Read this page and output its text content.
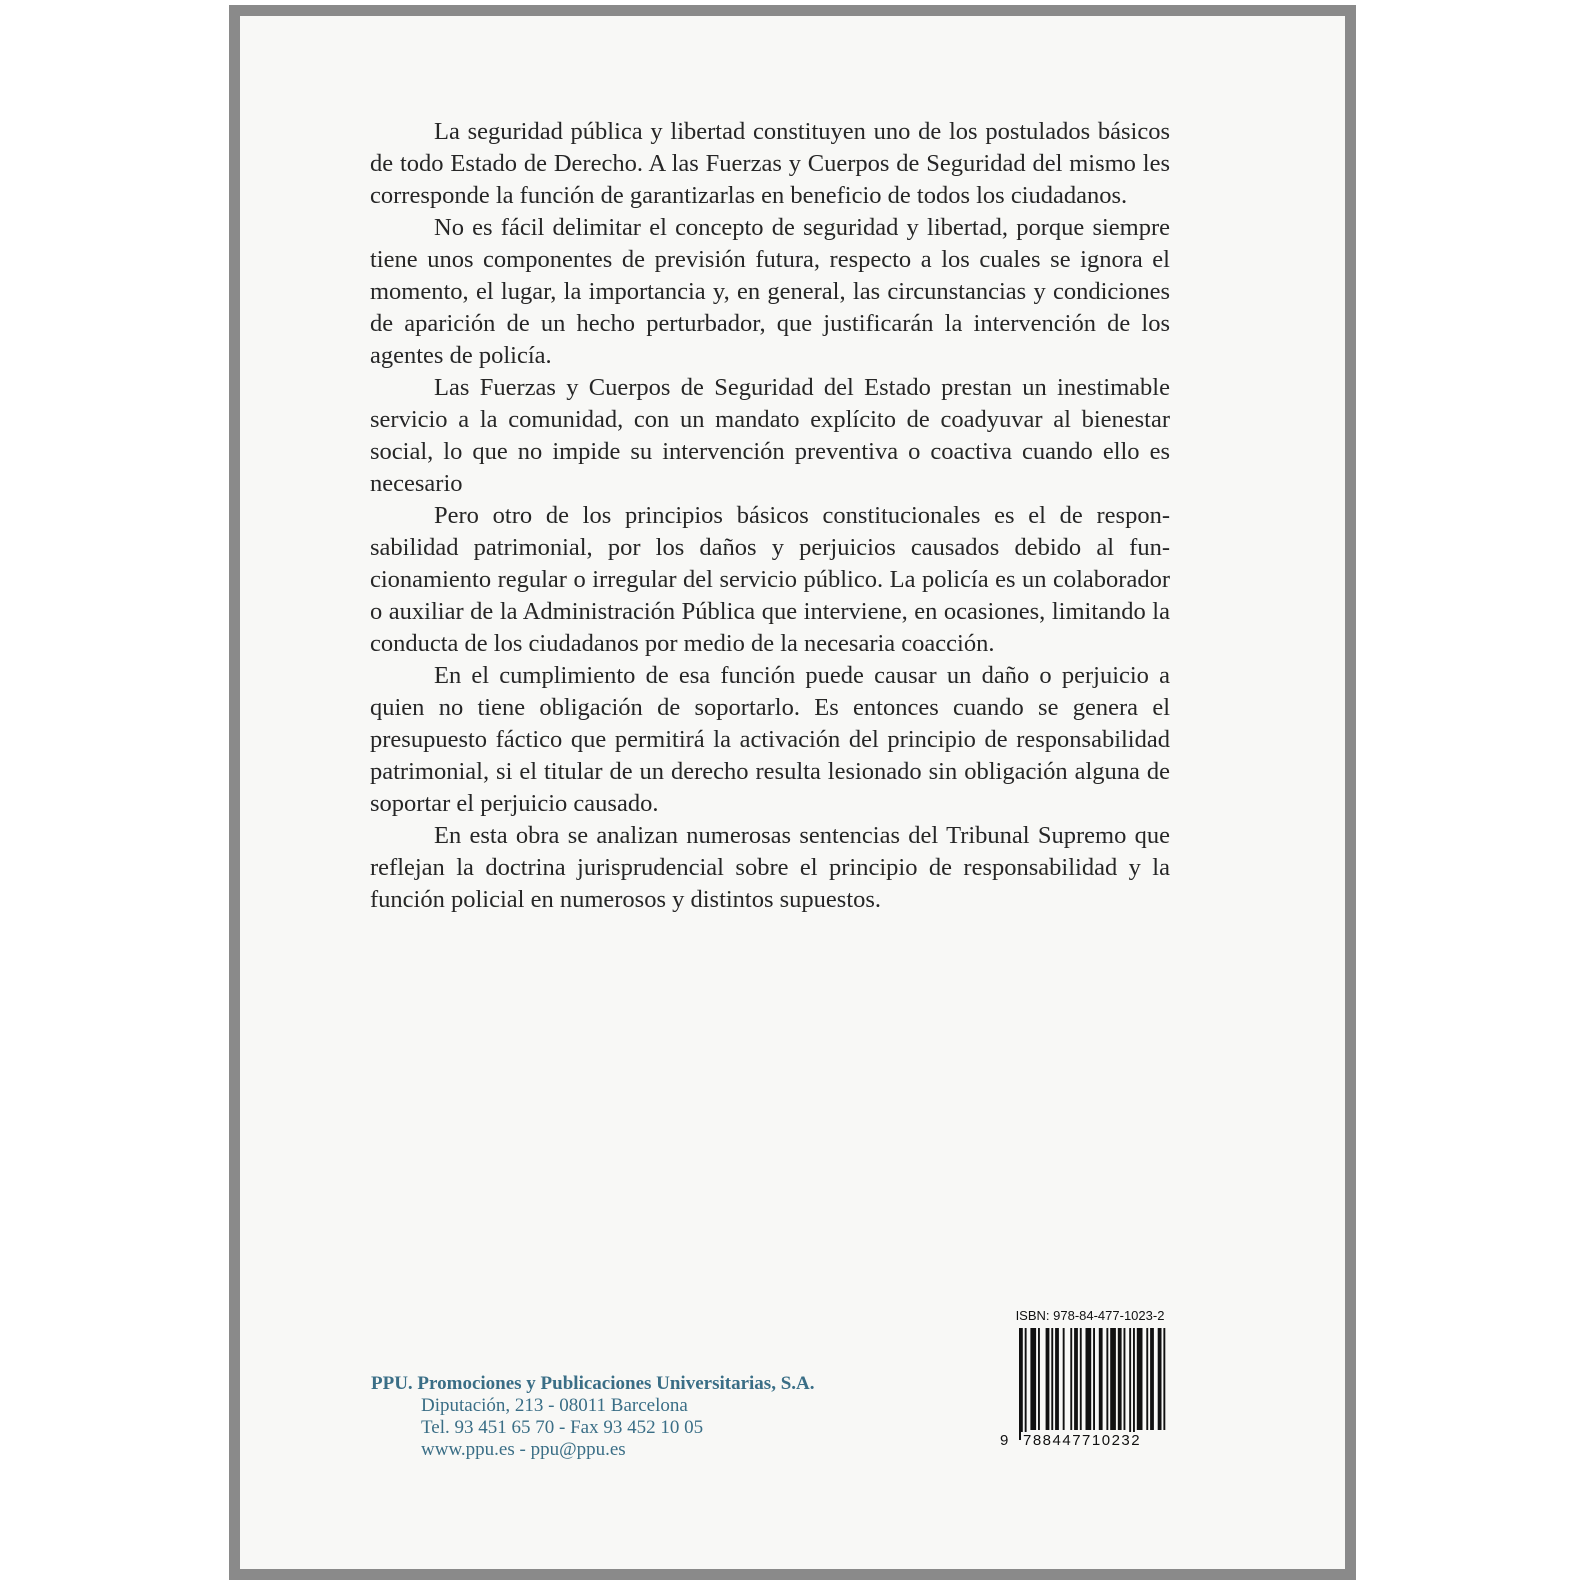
La seguridad pública y libertad constituyen uno de los postulados básicos de todo Estado de Derecho. A las Fuerzas y Cuerpos de Seguridad del mismo les corresponde la función de garantizarlas en beneficio de todos los ciudadanos.

No es fácil delimitar el concepto de seguridad y libertad, porque siempre tiene unos componentes de previsión futura, respecto a los cuales se ignora el momento, el lugar, la importancia y, en general, las circunstancias y condiciones de aparición de un hecho perturbador, que justificarán la intervención de los agentes de policía.

Las Fuerzas y Cuerpos de Seguridad del Estado prestan un inestimable servicio a la comunidad, con un mandato explícito de coadyuvar al bienestar social, lo que no impide su intervención preventiva o coactiva cuando ello es necesario

Pero otro de los principios básicos constitucionales es el de responsabilidad patrimonial, por los daños y perjuicios causados debido al funcionamiento regular o irregular del servicio público. La policía es un colaborador o auxiliar de la Administración Pública que interviene, en ocasiones, limitando la conducta de los ciudadanos por medio de la necesaria coacción.

En el cumplimiento de esa función puede causar un daño o perjuicio a quien no tiene obligación de soportarlo. Es entonces cuando se genera el presupuesto fáctico que permitirá la activación del principio de responsabilidad patrimonial, si el titular de un derecho resulta lesionado sin obligación alguna de soportar el perjuicio causado.

En esta obra se analizan numerosas sentencias del Tribunal Supremo que reflejan la doctrina jurisprudencial sobre el principio de responsabilidad y la función policial en numerosos y distintos supuestos.

PPU. Promociones y Publicaciones Universitarias, S.A.
Diputación, 213 - 08011 Barcelona
Tel. 93 451 65 70 - Fax 93 452 10 05
www.ppu.es - ppu@ppu.es
ISBN: 978-84-477-1023-2
9 788447710232
